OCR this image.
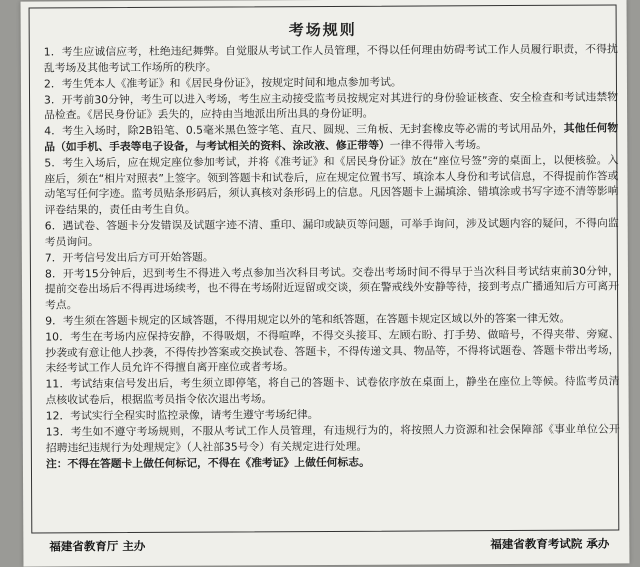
考场规则

1．考生应诚信应考，杜绝违纪舞弊。自觉服从考试工作人员管理，不得以任何理由妨碍考试工作人员履行职责，不得扰乱考场及其他考试工作场所的秩序。

2．考生凭本人《准考证》和《居民身份证》，按规定时间和地点参加考试。

3．开考前30分钟，考生可以进入考场，考生应主动接受监考员按规定对其进行的身份验证核查、安全检查和考试违禁物品检查。《居民身份证》丢失的，应持由当地派出所出具的身份证明。

4．考生入场时，除2B铅笔、0.5毫米黑色签字笔、直尺、圆规、三角板、无封套橡皮等必需的考试用品外，其他任何物品（如手机、手表等电子设备，与考试相关的资料、涂改液、修正带等）一律不得带入考场。

5．考生入场后，应在规定座位参加考试，并将《准考证》和《居民身份证》放在“座位号签”旁的桌面上，以便核验。入座后，须在“相片对照表”上签字。领到答题卡和试卷后，应在规定位置书写、填涂本人身份和考试信息，不得提前作答或动笔写任何字迹。监考员贴条形码后，须认真核对条形码上的信息。凡因答题卡上漏填涂、错填涂或书写字迹不清等影响评卷结果的，责任由考生自负。

6．遇试卷、答题卡分发错误及试题字迹不清、重印、漏印或缺页等问题，可举手询问，涉及试题内容的疑问，不得向监考员询问。

7．开考信号发出后方可开始答题。

8．开考15分钟后，迟到考生不得进入考点参加当次科目考试。交卷出考场时间不得早于当次科目考试结束前30分钟，提前交卷出场后不得再进场续考，也不得在考场附近逗留或交谈，须在警戒线外安静等待，接到考点广播通知后方可离开考点。

9．考生须在答题卡规定的区域答题，不得用规定以外的笔和纸答题，在答题卡规定区域以外的答案一律无效。

10．考生在考场内应保持安静，不得吸烟，不得喧哗，不得交头接耳、左顾右盼、打手势、做暗号，不得夹带、旁窥、抄袭或有意让他人抄袭，不得传抄答案或交换试卷、答题卡，不得传递文具、物品等，不得将试题卷、答题卡带出考场，未经考试工作人员允许不得擅自离开座位或者考场。

11．考试结束信号发出后，考生须立即停笔，将自己的答题卡、试卷依序放在桌面上，静坐在座位上等候。待监考员清点核收试卷后，根据监考员指令依次退出考场。

12．考试实行全程实时监控录像，请考生遵守考场纪律。

13．考生如不遵守考场规则，不服从考试工作人员管理，有违规行为的，将按照人力资源和社会保障部《事业单位公开招聘违纪违规行为处理规定》（人社部35号令）有关规定进行处理。

注：不得在答题卡上做任何标记，不得在《准考证》上做任何标志。

福建省教育厅 主办	福建省教育考试院 承办
